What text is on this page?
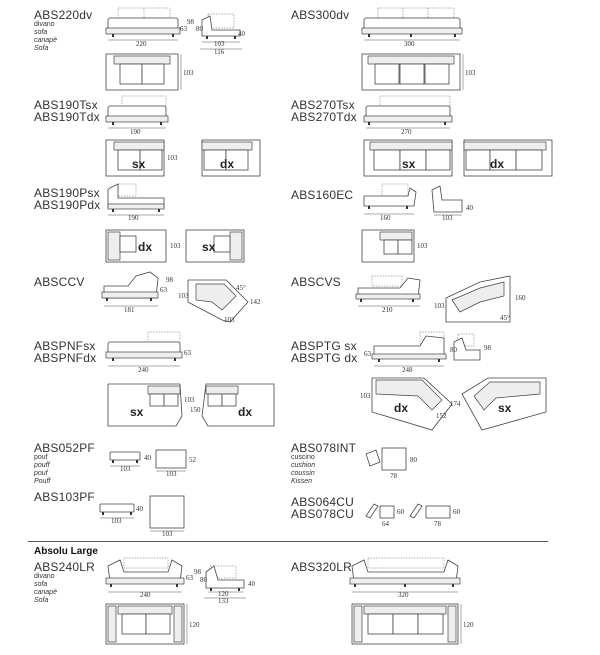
ABS220dv
divano
sofa
canapé
Sofa
ABS300dv
ABS190Tsx
ABS190Tdx
ABS270Tsx
ABS270Tdx
ABS190Psx
ABS190Pdx
ABS160EC
ABSCCV	ABSCVS
ABSPNFsx
ABSPNFdx
ABSPTG sx
ABSPTG dx
ABS052PF
pouf
pouff
pouf
Pouff
ABS078INT
cuscino
cushion
coussin
Kissen
ABS103PF	ABS064CU
ABS078CU
Absolu Large
ABS240LR
divano
sofa
canapé
Sofa
ABS320LR
220
63
98
80
40
103
116
103
300
103
190
sx	103	dx
270
sx	dx
190
dx	103 sx
160
40
103
103
63
98
181
103
142
45°
103
210	103
160
45°
63
240
sx
103
150	dx
63
248
80	98
dx
103
152
sx
174
40
103
52
103
80
78
40
103
103
60
64
60
78
63
98
240
80	40
120
133
120
320
120
